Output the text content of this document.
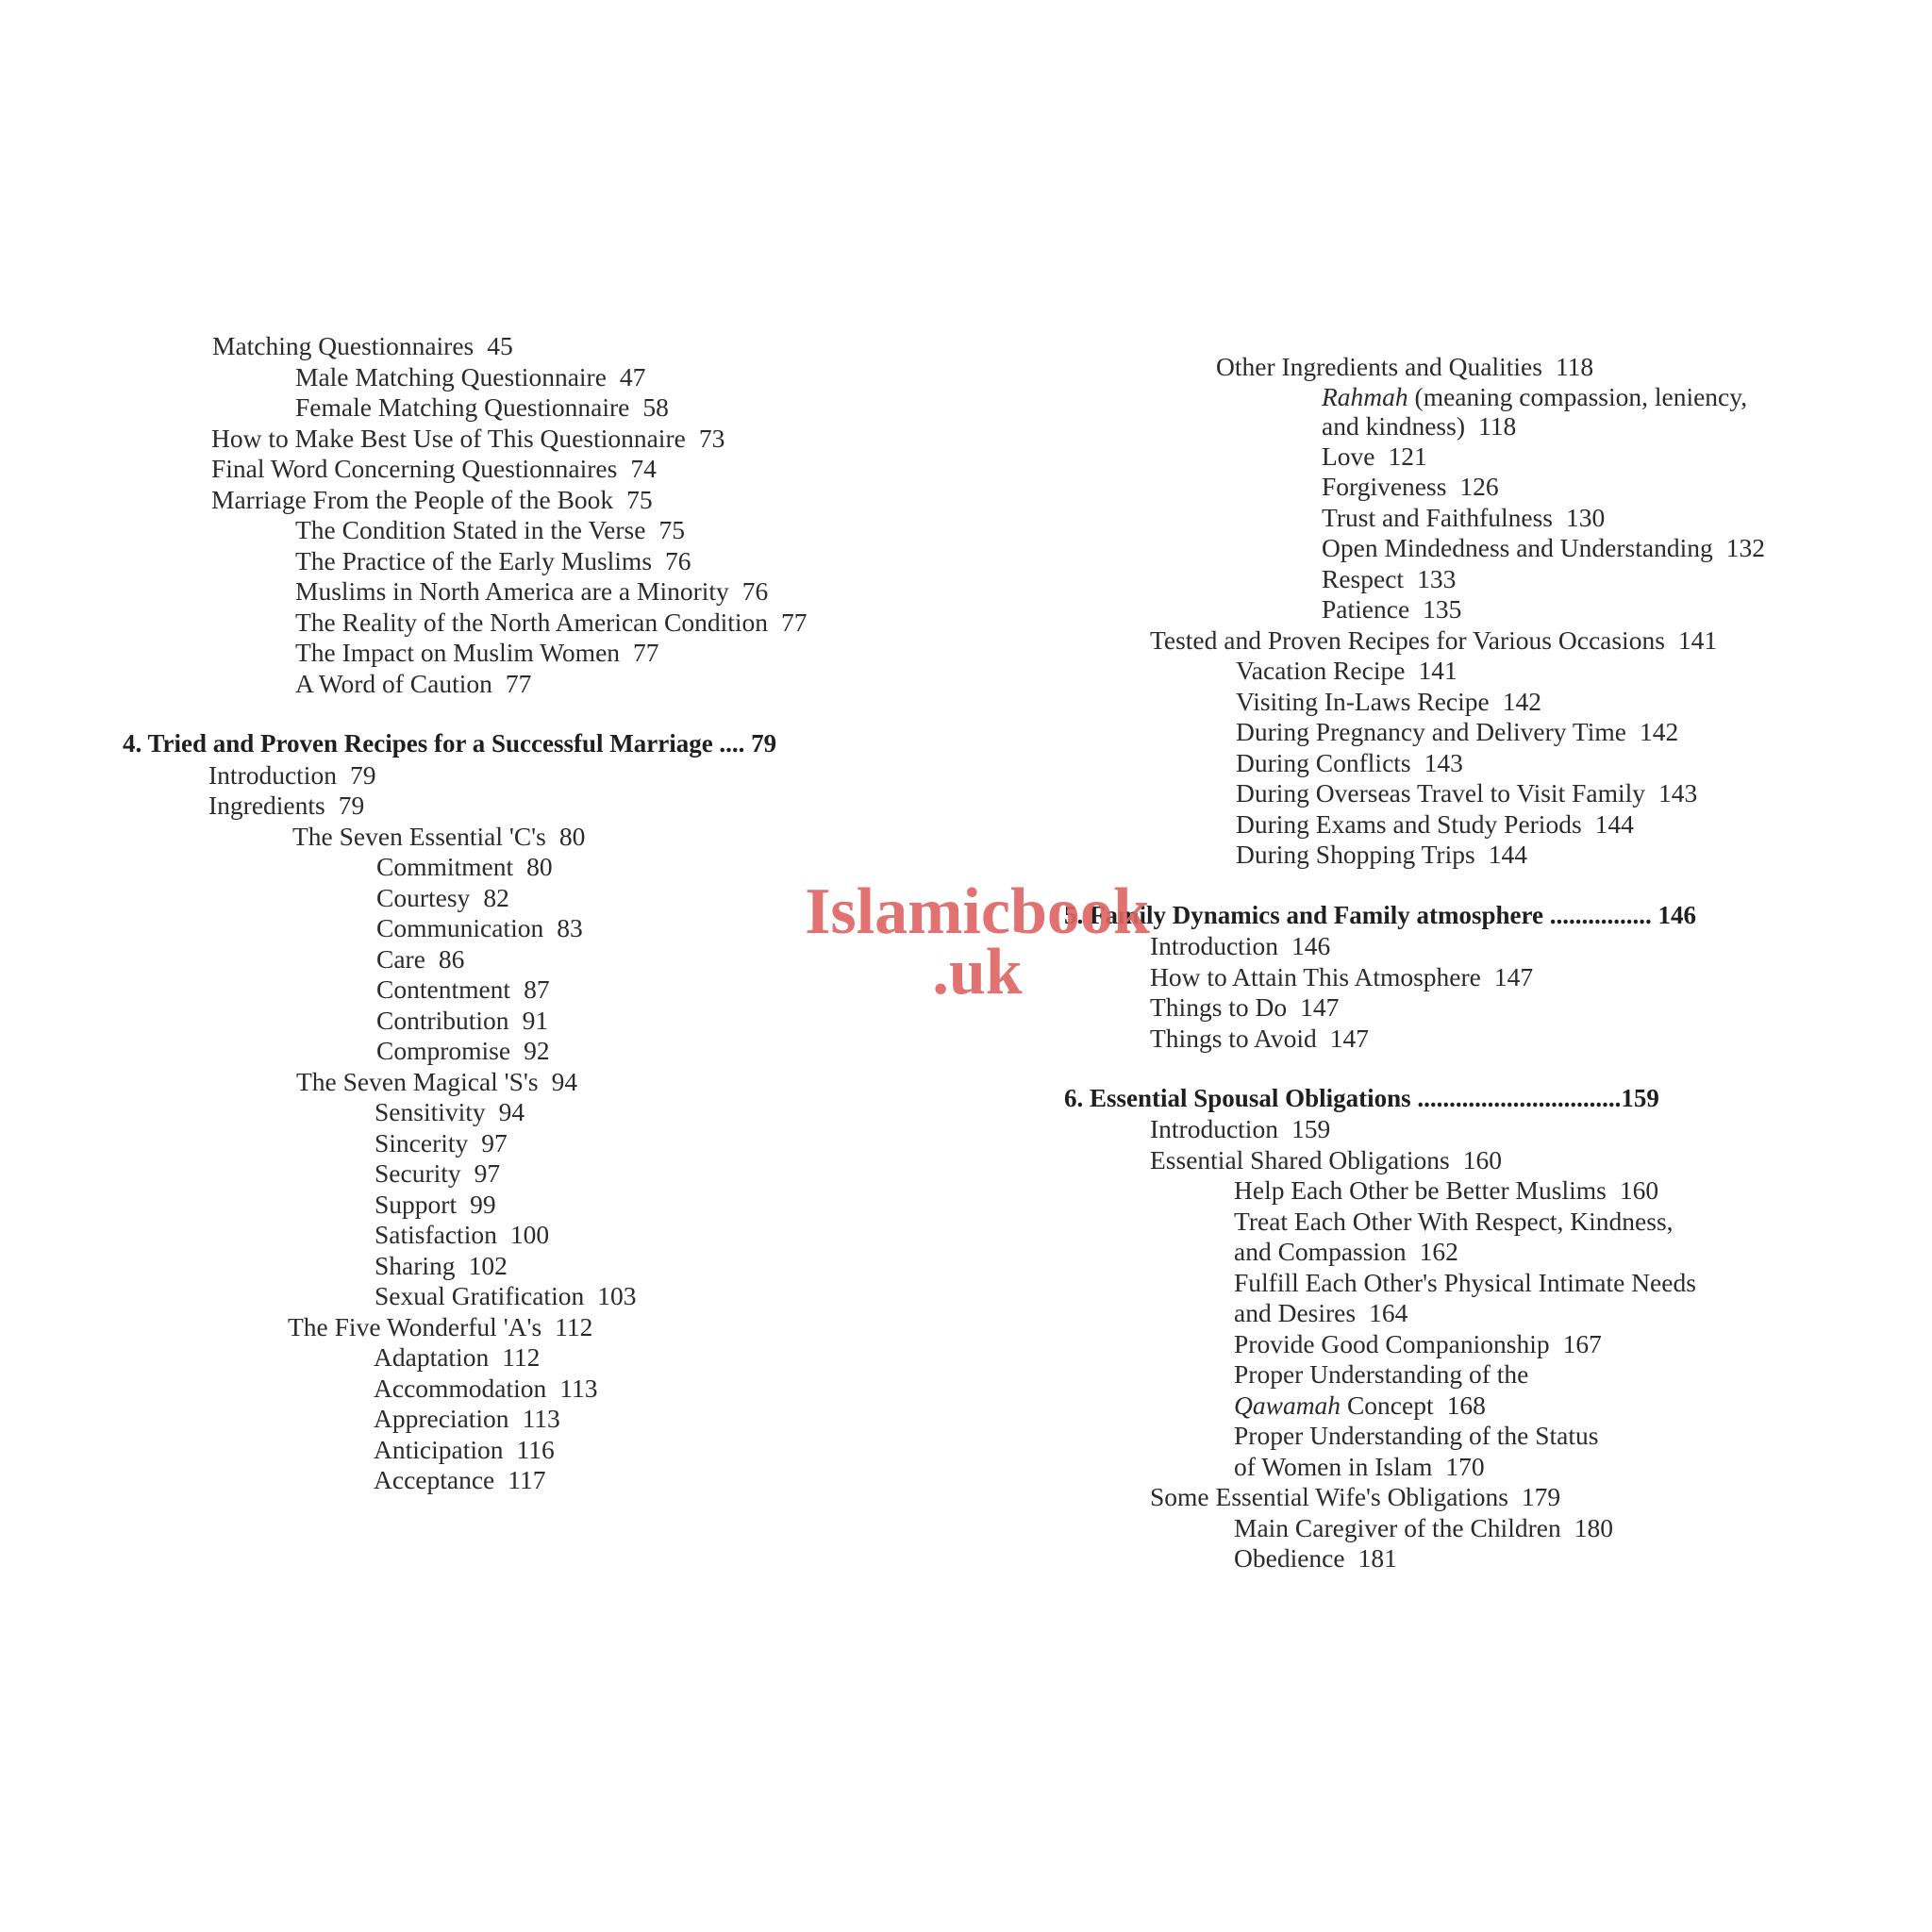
Matching Questionnaires 45
Male Matching Questionnaire 47
Female Matching Questionnaire 58
How to Make Best Use of This Questionnaire 73
Final Word Concerning Questionnaires 74
Marriage From the People of the Book 75
The Condition Stated in the Verse 75
The Practice of the Early Muslims 76
Muslims in North America are a Minority 76
The Reality of the North American Condition 77
The Impact on Muslim Women 77
A Word of Caution 77
4. Tried and Proven Recipes for a Successful Marriage .... 79
Introduction 79
Ingredients 79
The Seven Essential 'C's 80
Commitment 80
Courtesy 82
Communication 83
Care 86
Contentment 87
Contribution 91
Compromise 92
The Seven Magical 'S's 94
Sensitivity 94
Sincerity 97
Security 97
Support 99
Satisfaction 100
Sharing 102
Sexual Gratification 103
The Five Wonderful 'A's 112
Adaptation 112
Accommodation 113
Appreciation 113
Anticipation 116
Acceptance 117
Other Ingredients and Qualities 118
Rahmah (meaning compassion, leniency,
and kindness) 118
Love 121
Forgiveness 126
Trust and Faithfulness 130
Open Mindedness and Understanding 132
Respect 133
Patience 135
Tested and Proven Recipes for Various Occasions 141
Vacation Recipe 141
Visiting In-Laws Recipe 142
During Pregnancy and Delivery Time 142
During Conflicts 143
During Overseas Travel to Visit Family 143
During Exams and Study Periods 144
During Shopping Trips 144
5. Family Dynamics and Family atmosphere ................ 146
Introduction 146
How to Attain This Atmosphere 147
Things to Do 147
Things to Avoid 147
6. Essential Spousal Obligations ................................159
Introduction 159
Essential Shared Obligations 160
Help Each Other be Better Muslims 160
Treat Each Other With Respect, Kindness,
and Compassion 162
Fulfill Each Other's Physical Intimate Needs
and Desires 164
Provide Good Companionship 167
Proper Understanding of the
Qawamah Concept 168
Proper Understanding of the Status
of Women in Islam 170
Some Essential Wife's Obligations 179
Main Caregiver of the Children 180
Obedience 181
Islamicbook
.uk
